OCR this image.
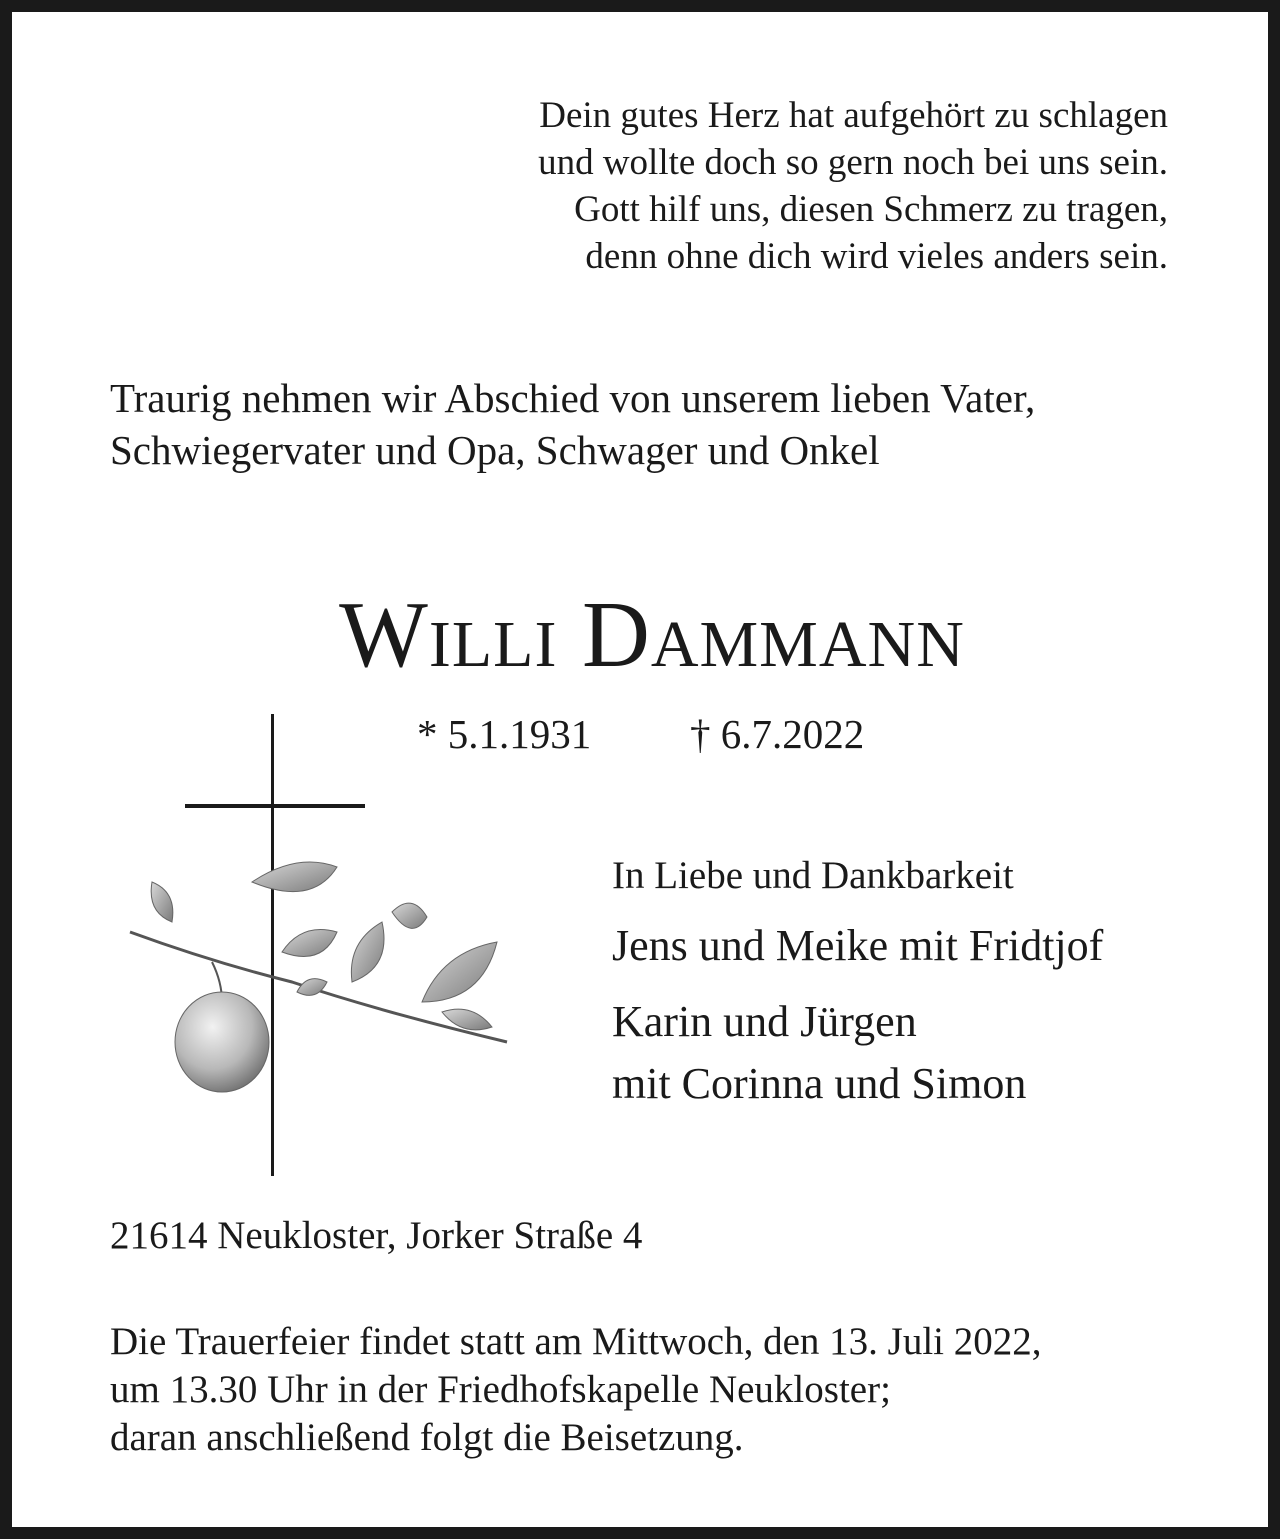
Dein gutes Herz hat aufgehört zu schlagen
und wollte doch so gern noch bei uns sein.
Gott hilf uns, diesen Schmerz zu tragen,
denn ohne dich wird vieles anders sein.
Traurig nehmen wir Abschied von unserem lieben Vater,
Schwiegervater und Opa, Schwager und Onkel
Willi Dammann
* 5.1.1931 † 6.7.2022
In Liebe und Dankbarkeit
Jens und Meike mit Fridtjof
Karin und Jürgen
mit Corinna und Simon
21614 Neukloster, Jorker Straße 4
Die Trauerfeier findet statt am Mittwoch, den 13. Juli 2022,
um 13.30 Uhr in der Friedhofskapelle Neukloster;
daran anschließend folgt die Beisetzung.
